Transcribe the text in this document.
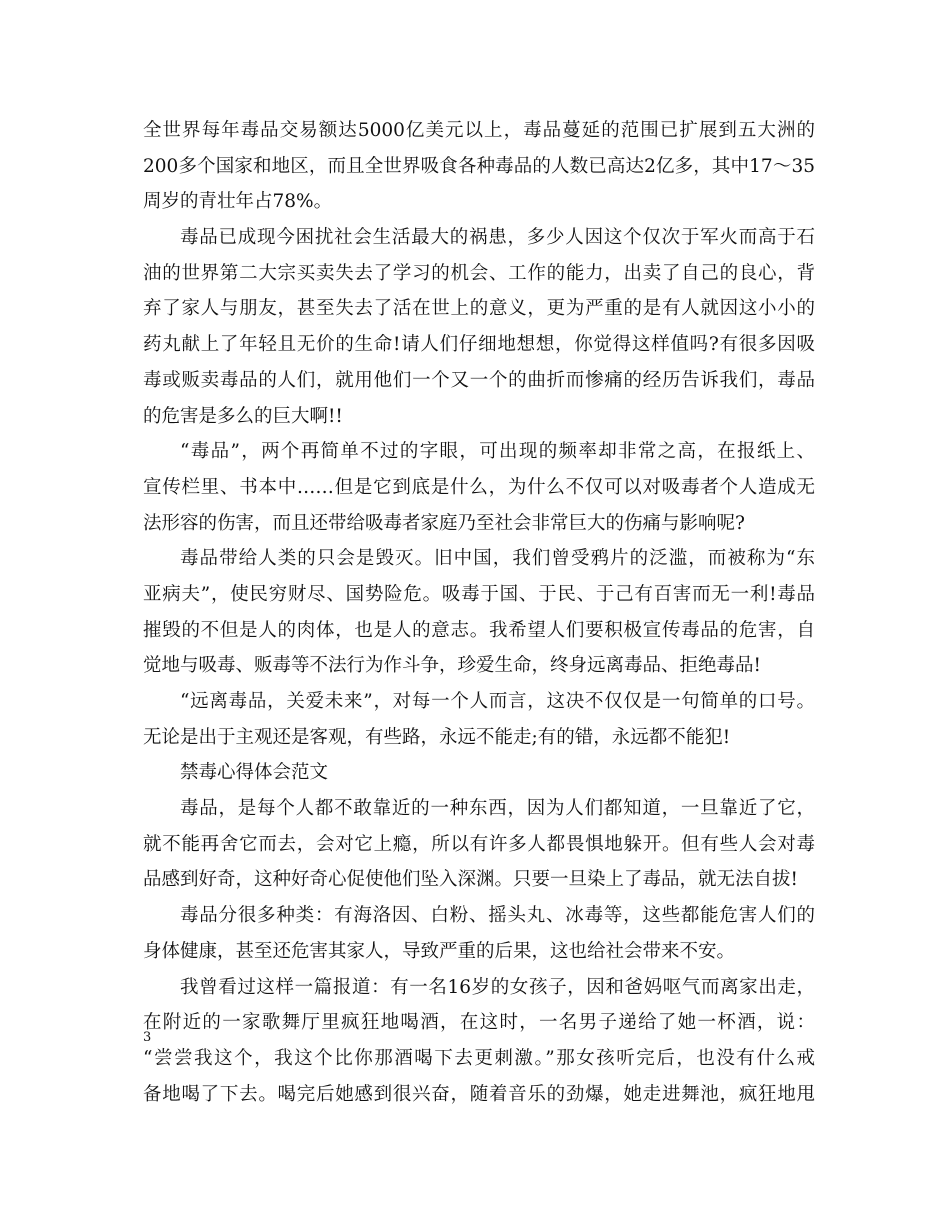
全世界每年毒品交易额达5000亿美元以上，毒品蔓延的范围已扩展到五大洲的
200多个国家和地区，而且全世界吸食各种毒品的人数已高达2亿多，其中17～35
周岁的青壮年占78%。
毒品已成现今困扰社会生活最大的祸患，多少人因这个仅次于军火而高于石
油的世界第二大宗买卖失去了学习的机会、工作的能力，出卖了自己的良心，背
弃了家人与朋友，甚至失去了活在世上的意义，更为严重的是有人就因这小小的
药丸献上了年轻且无价的生命!请人们仔细地想想，你觉得这样值吗?有很多因吸
毒或贩卖毒品的人们，就用他们一个又一个的曲折而惨痛的经历告诉我们，毒品
的危害是多么的巨大啊!!
“毒品”，两个再简单不过的字眼，可出现的频率却非常之高，在报纸上、
宣传栏里、书本中……但是它到底是什么，为什么不仅可以对吸毒者个人造成无
法形容的伤害，而且还带给吸毒者家庭乃至社会非常巨大的伤痛与影响呢?
毒品带给人类的只会是毁灭。旧中国，我们曾受鸦片的泛滥，而被称为“东
亚病夫”，使民穷财尽、国势险危。吸毒于国、于民、于己有百害而无一利!毒品
摧毁的不但是人的肉体，也是人的意志。我希望人们要积极宣传毒品的危害，自
觉地与吸毒、贩毒等不法行为作斗争，珍爱生命，终身远离毒品、拒绝毒品!
“远离毒品，关爱未来”，对每一个人而言，这决不仅仅是一句简单的口号。
无论是出于主观还是客观，有些路，永远不能走;有的错，永远都不能犯!
禁毒心得体会范文
毒品，是每个人都不敢靠近的一种东西，因为人们都知道，一旦靠近了它，
就不能再舍它而去，会对它上瘾，所以有许多人都畏惧地躲开。但有些人会对毒
品感到好奇，这种好奇心促使他们坠入深渊。只要一旦染上了毒品，就无法自拔!
毒品分很多种类：有海洛因、白粉、摇头丸、冰毒等，这些都能危害人们的
身体健康，甚至还危害其家人，导致严重的后果，这也给社会带来不安。
我曾看过这样一篇报道：有一名16岁的女孩子，因和爸妈呕气而离家出走，
在附近的一家歌舞厅里疯狂地喝酒，在这时，一名男子递给了她一杯酒，说：
“尝尝我这个，我这个比你那酒喝下去更刺激。”那女孩听完后，也没有什么戒
备地喝了下去。喝完后她感到很兴奋，随着音乐的劲爆，她走进舞池，疯狂地甩
3
